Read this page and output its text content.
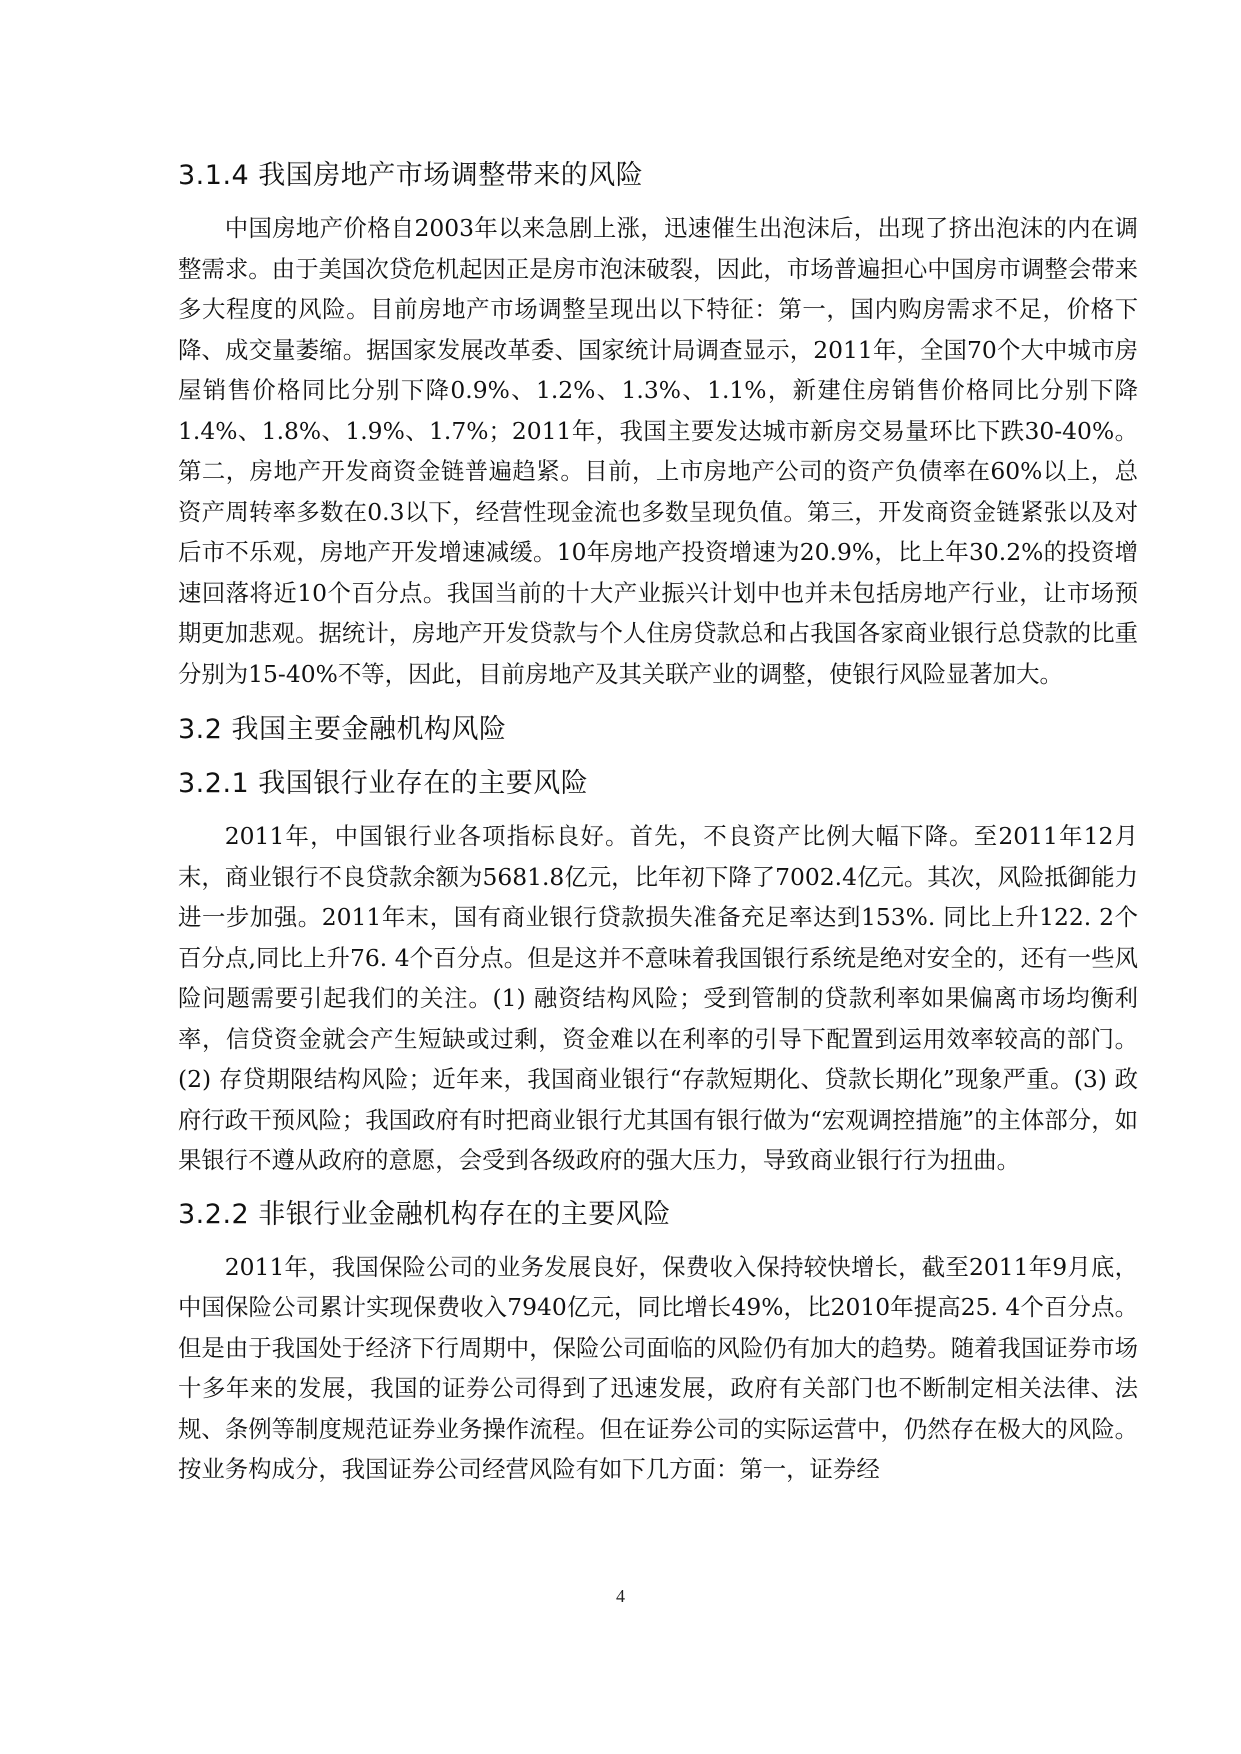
3.1.4 我国房地产市场调整带来的风险

中国房地产价格自2003年以来急剧上涨，迅速催生出泡沫后，出现了挤出泡沫的内在调整需求。由于美国次贷危机起因正是房市泡沫破裂，因此，市场普遍担心中国房市调整会带来多大程度的风险。目前房地产市场调整呈现出以下特征：第一，国内购房需求不足，价格下降、成交量萎缩。据国家发展改革委、国家统计局调查显示，2011年，全国70个大中城市房屋销售价格同比分别下降0.9%、1.2%、1.3%、1.1%，新建住房销售价格同比分别下降1.4%、1.8%、1.9%、1.7%；2011年，我国主要发达城市新房交易量环比下跌30-40%。第二，房地产开发商资金链普遍趋紧。目前，上市房地产公司的资产负债率在60%以上，总资产周转率多数在0.3以下，经营性现金流也多数呈现负值。第三，开发商资金链紧张以及对后市不乐观，房地产开发增速减缓。10年房地产投资增速为20.9%，比上年30.2%的投资增速回落将近10个百分点。我国当前的十大产业振兴计划中也并未包括房地产行业，让市场预期更加悲观。据统计，房地产开发贷款与个人住房贷款总和占我国各家商业银行总贷款的比重分别为15-40%不等，因此，目前房地产及其关联产业的调整，使银行风险显著加大。

3.2 我国主要金融机构风险
3.2.1 我国银行业存在的主要风险

2011年，中国银行业各项指标良好。首先，不良资产比例大幅下降。至2011年12月末，商业银行不良贷款余额为5681.8亿元，比年初下降了7002.4亿元。其次，风险抵御能力进一步加强。2011年末，国有商业银行贷款损失准备充足率达到153%. 同比上升122. 2个百分点,同比上升76. 4个百分点。但是这并不意味着我国银行系统是绝对安全的，还有一些风险问题需要引起我们的关注。(1) 融资结构风险；受到管制的贷款利率如果偏离市场均衡利率，信贷资金就会产生短缺或过剩，资金难以在利率的引导下配置到运用效率较高的部门。(2) 存贷期限结构风险；近年来，我国商业银行“存款短期化、贷款长期化”现象严重。(3) 政府行政干预风险；我国政府有时把商业银行尤其国有银行做为“宏观调控措施”的主体部分，如果银行不遵从政府的意愿，会受到各级政府的强大压力，导致商业银行行为扭曲。

3.2.2 非银行业金融机构存在的主要风险

2011年，我国保险公司的业务发展良好，保费收入保持较快增长，截至2011年9月底，中国保险公司累计实现保费收入7940亿元，同比增长49%，比2010年提高25. 4个百分点。但是由于我国处于经济下行周期中，保险公司面临的风险仍有加大的趋势。随着我国证券市场十多年来的发展，我国的证券公司得到了迅速发展，政府有关部门也不断制定相关法律、法规、条例等制度规范证券业务操作流程。但在证券公司的实际运营中，仍然存在极大的风险。按业务构成分，我国证券公司经营风险有如下几方面：第一，证券经

4
